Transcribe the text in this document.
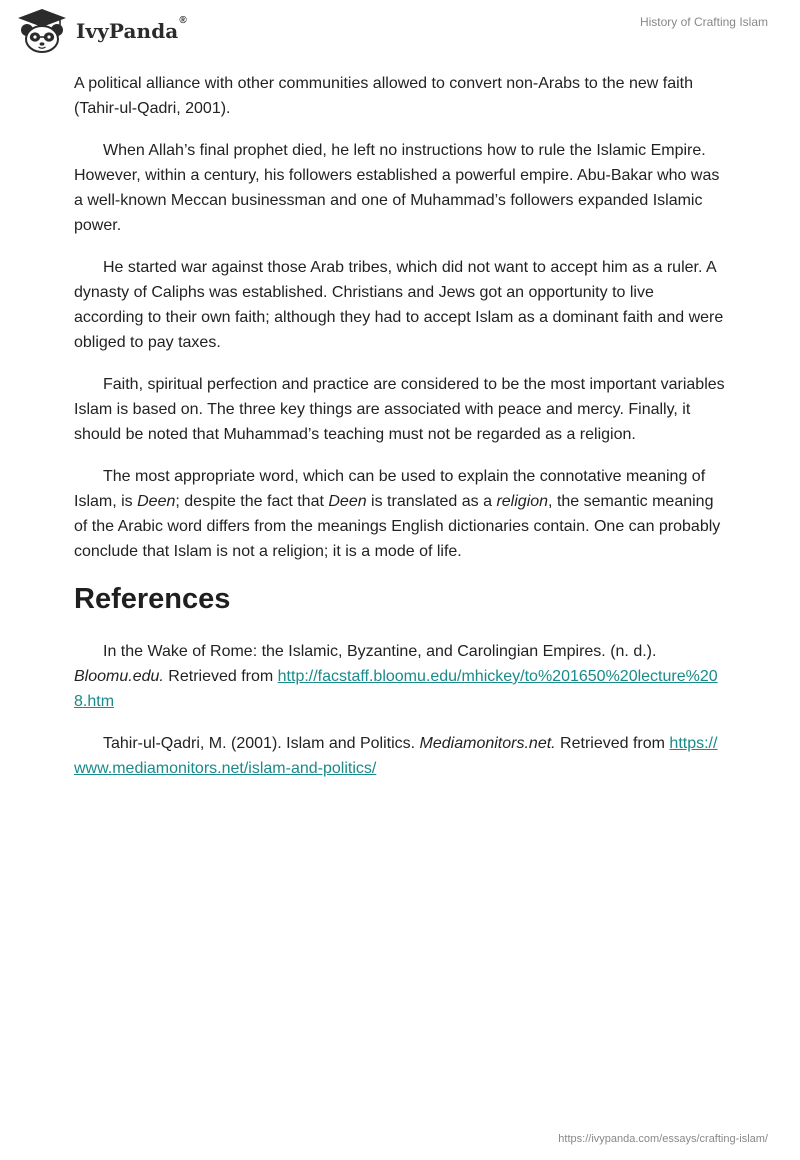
IvyPanda®	History of Crafting Islam

A political alliance with other communities allowed to convert non-Arabs to the new faith (Tahir-ul-Qadri, 2001).

When Allah’s final prophet died, he left no instructions how to rule the Islamic Empire. However, within a century, his followers established a powerful empire. Abu-Bakar who was a well-known Meccan businessman and one of Muhammad’s followers expanded Islamic power.

He started war against those Arab tribes, which did not want to accept him as a ruler. A dynasty of Caliphs was established. Christians and Jews got an opportunity to live according to their own faith; although they had to accept Islam as a dominant faith and were obliged to pay taxes.

Faith, spiritual perfection and practice are considered to be the most important variables Islam is based on. The three key things are associated with peace and mercy. Finally, it should be noted that Muhammad’s teaching must not be regarded as a religion.

The most appropriate word, which can be used to explain the connotative meaning of Islam, is Deen; despite the fact that Deen is translated as a religion, the semantic meaning of the Arabic word differs from the meanings English dictionaries contain. One can probably conclude that Islam is not a religion; it is a mode of life.

References

In the Wake of Rome: the Islamic, Byzantine, and Carolingian Empires. (n. d.). Bloomu.edu. Retrieved from http://facstaff.bloomu.edu/mhickey/to%201650%20lecture%208.htm

Tahir-ul-Qadri, M. (2001). Islam and Politics. Mediamonitors.net. Retrieved from https://www.mediamonitors.net/islam-and-politics/

https://ivypanda.com/essays/crafting-islam/
